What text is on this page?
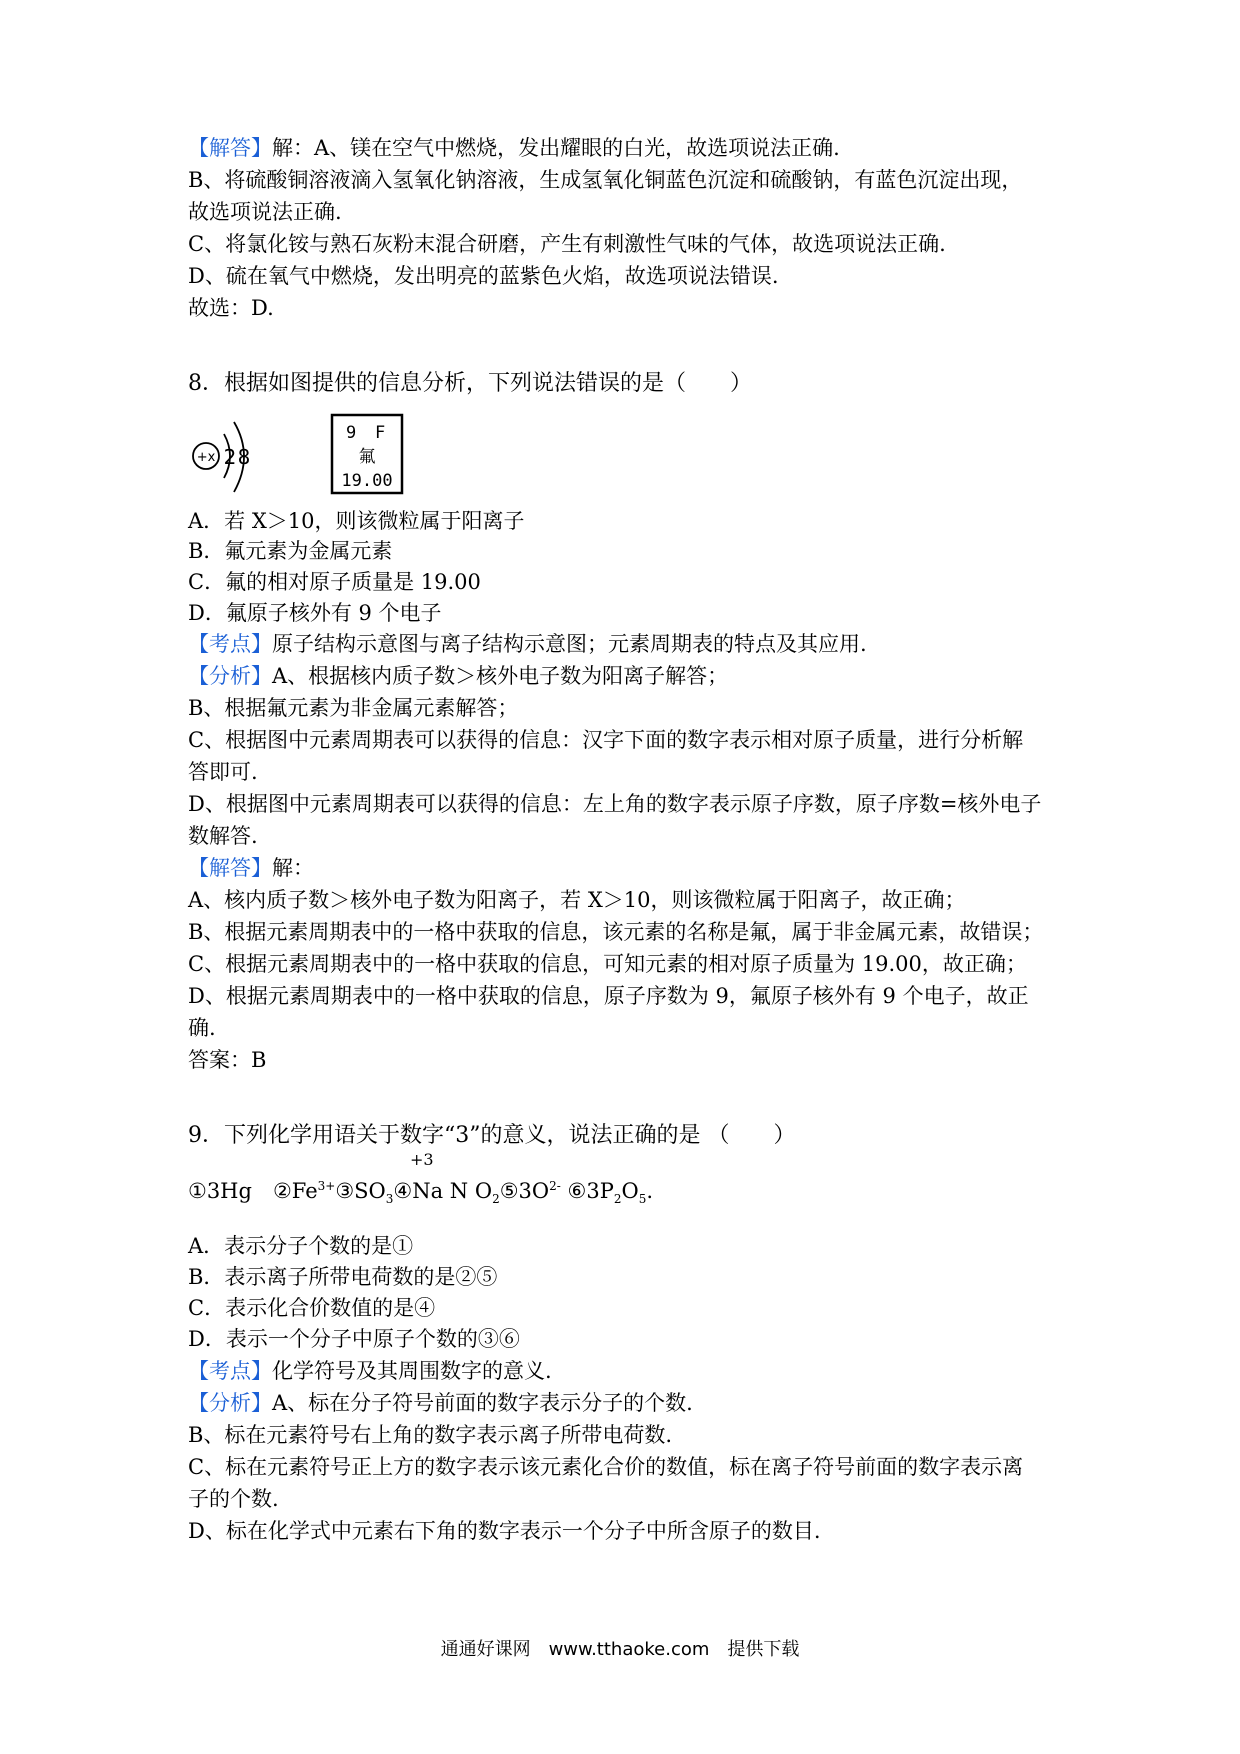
【解答】解：A、镁在空气中燃烧，发出耀眼的白光，故选项说法正确.
B、将硫酸铜溶液滴入氢氧化钠溶液，生成氢氧化铜蓝色沉淀和硫酸钠，有蓝色沉淀出现，
故选项说法正确.
C、将氯化铵与熟石灰粉末混合研磨，产生有刺激性气味的气体，故选项说法正确.
D、硫在氧气中燃烧，发出明亮的蓝紫色火焰，故选项说法错误.
故选：D.
8．根据如图提供的信息分析，下列说法错误的是（　　）
+x 2 8
9 F
氟
19.00
A．若 X＞10，则该微粒属于阳离子
B．氟元素为金属元素
C．氟的相对原子质量是 19.00
D．氟原子核外有 9 个电子
【考点】原子结构示意图与离子结构示意图；元素周期表的特点及其应用.
【分析】A、根据核内质子数＞核外电子数为阳离子解答；
B、根据氟元素为非金属元素解答；
C、根据图中元素周期表可以获得的信息：汉字下面的数字表示相对原子质量，进行分析解
答即可.
D、根据图中元素周期表可以获得的信息：左上角的数字表示原子序数，原子序数=核外电子
数解答.
【解答】解：
A、核内质子数＞核外电子数为阳离子，若 X＞10，则该微粒属于阳离子，故正确；
B、根据元素周期表中的一格中获取的信息，该元素的名称是氟，属于非金属元素，故错误；
C、根据元素周期表中的一格中获取的信息，可知元素的相对原子质量为 19.00，故正确；
D、根据元素周期表中的一格中获取的信息，原子序数为 9，氟原子核外有 9 个电子，故正
确.
答案：B
9．下列化学用语关于数字“3”的意义，说法正确的是 （　　）
+3
①3Hg　$②Fe^{3+}③SO_3④Na$ N $O_2⑤3O^{2-}$ $⑥3P_2O_5$.
A．表示分子个数的是①
B．表示离子所带电荷数的是②⑤
C．表示化合价数值的是④
D．表示一个分子中原子个数的③⑥
【考点】化学符号及其周围数字的意义.
【分析】A、标在分子符号前面的数字表示分子的个数.
B、标在元素符号右上角的数字表示离子所带电荷数.
C、标在元素符号正上方的数字表示该元素化合价的数值，标在离子符号前面的数字表示离
子的个数.
D、标在化学式中元素右下角的数字表示一个分子中所含原子的数目.
通通好课网　www.tthaoke.com　提供下载
